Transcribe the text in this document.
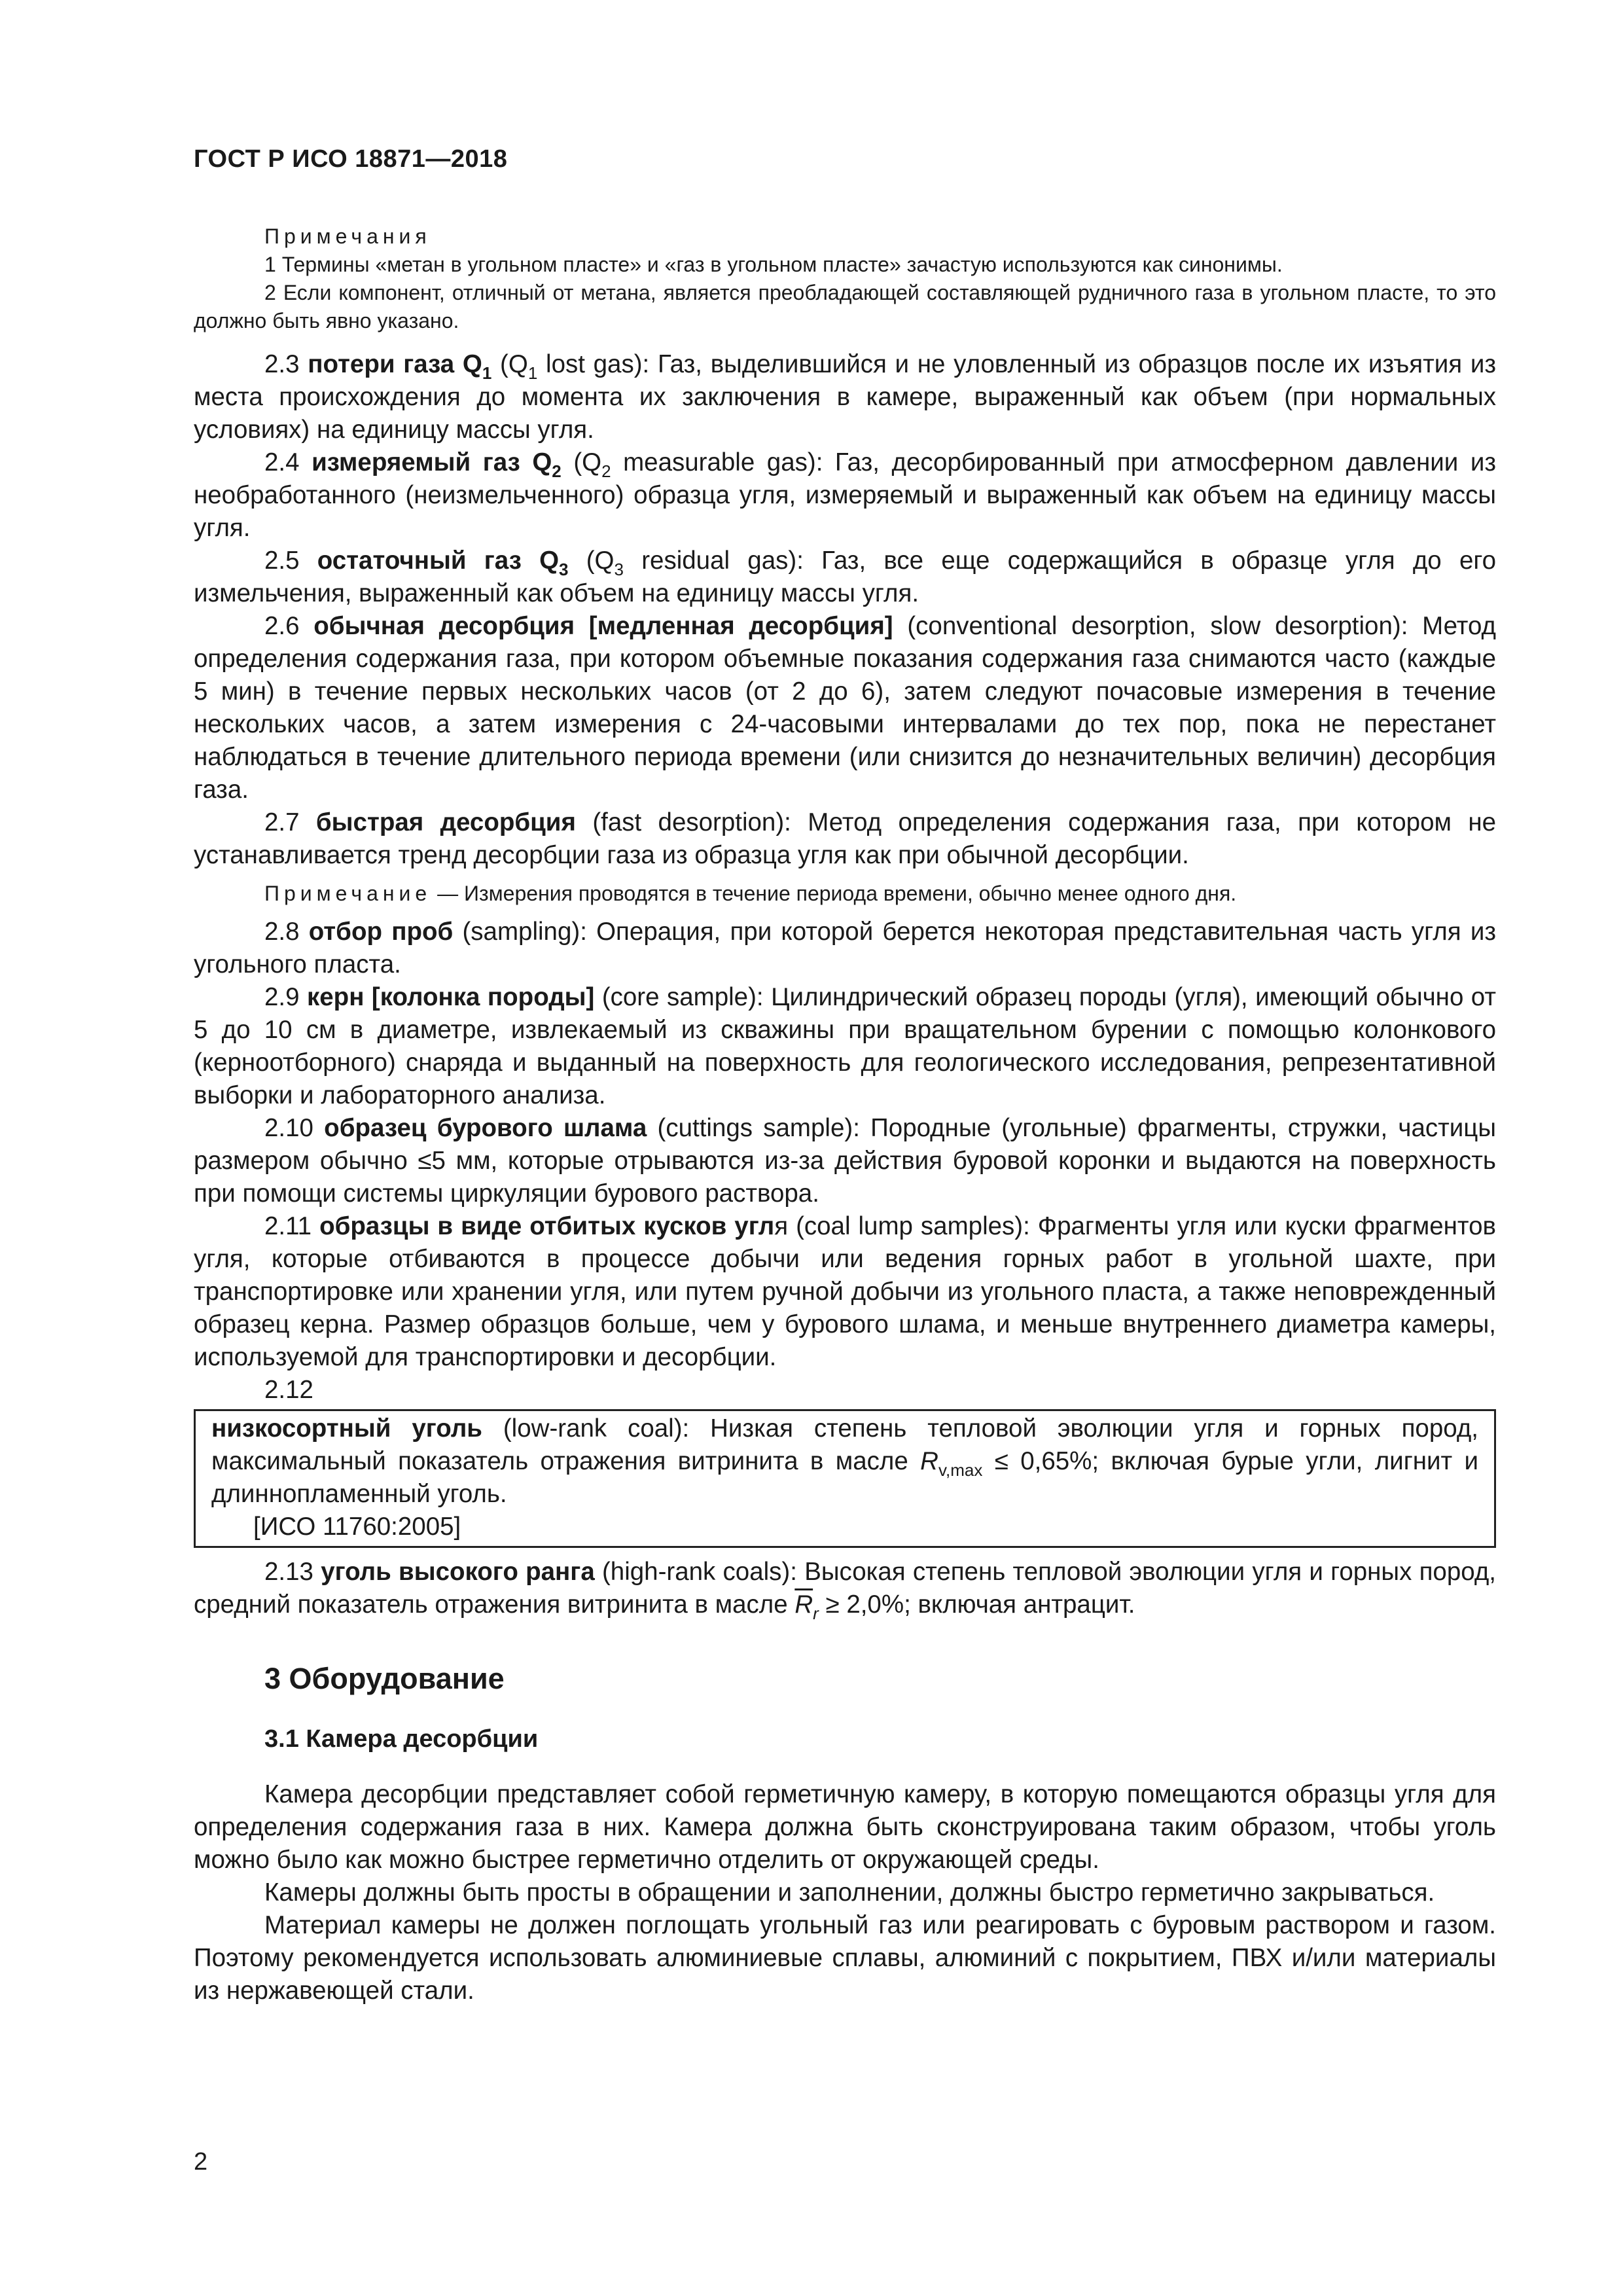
ГОСТ Р ИСО 18871—2018

Примечания

1 Термины «метан в угольном пласте» и «газ в угольном пласте» зачастую используются как синонимы.

2 Если компонент, отличный от метана, является преобладающей составляющей рудничного газа в угольном пласте, то это должно быть явно указано.

2.3 потери газа $Q_1$ ($Q_1$ lost gas): Газ, выделившийся и не уловленный из образцов после их изъятия из места происхождения до момента их заключения в камере, выраженный как объем (при нормальных условиях) на единицу массы угля.

2.4 измеряемый газ $Q_2$ ($Q_2$ measurable gas): Газ, десорбированный при атмосферном давлении из необработанного (неизмельченного) образца угля, измеряемый и выраженный как объем на единицу массы угля.

2.5 остаточный газ $Q_3$ ($Q_3$ residual gas): Газ, все еще содержащийся в образце угля до его измельчения, выраженный как объем на единицу массы угля.

2.6 обычная десорбция [медленная десорбция] (conventional desorption, slow desorption): Метод определения содержания газа, при котором объемные показания содержания газа снимаются часто (каждые 5 мин) в течение первых нескольких часов (от 2 до 6), затем следуют почасовые измерения в течение нескольких часов, а затем измерения с 24-часовыми интервалами до тех пор, пока не перестанет наблюдаться в течение длительного периода времени (или снизится до незначительных величин) десорбция газа.

2.7 быстрая десорбция (fast desorption): Метод определения содержания газа, при котором не устанавливается тренд десорбции газа из образца угля как при обычной десорбции.

Примечание — Измерения проводятся в течение периода времени, обычно менее одного дня.

2.8 отбор проб (sampling): Операция, при которой берется некоторая представительная часть угля из угольного пласта.

2.9 керн [колонка породы] (core sample): Цилиндрический образец породы (угля), имеющий обычно от 5 до 10 см в диаметре, извлекаемый из скважины при вращательном бурении с помощью колонкового (керноотборного) снаряда и выданный на поверхность для геологического исследования, репрезентативной выборки и лабораторного анализа.

2.10 образец бурового шлама (cuttings sample): Породные (угольные) фрагменты, стружки, частицы размером обычно ≤5 мм, которые отрываются из-за действия буровой коронки и выдаются на поверхность при помощи системы циркуляции бурового раствора.

2.11 образцы в виде отбитых кусков угля (coal lump samples): Фрагменты угля или куски фрагментов угля, которые отбиваются в процессе добычи или ведения горных работ в угольной шахте, при транспортировке или хранении угля, или путем ручной добычи из угольного пласта, а также неповрежденный образец керна. Размер образцов больше, чем у бурового шлама, и меньше внутреннего диаметра камеры, используемой для транспортировки и десорбции.

2.12

низкосортный уголь (low-rank coal): Низкая степень тепловой эволюции угля и горных пород, максимальный показатель отражения витринита в масле $R_{v,max} \le 0,65\%$; включая бурые угли, лигнит и длиннопламенный уголь.

[ИСО 11760:2005]

2.13 уголь высокого ранга (high-rank coals): Высокая степень тепловой эволюции угля и горных пород, средний показатель отражения витринита в масле $\overline{R}_r \ge 2,0\%$; включая антрацит.

3 Оборудование
3.1 Камера десорбции

Камера десорбции представляет собой герметичную камеру, в которую помещаются образцы угля для определения содержания газа в них. Камера должна быть сконструирована таким образом, чтобы уголь можно было как можно быстрее герметично отделить от окружающей среды.

Камеры должны быть просты в обращении и заполнении, должны быстро герметично закрываться.

Материал камеры не должен поглощать угольный газ или реагировать с буровым раствором и газом. Поэтому рекомендуется использовать алюминиевые сплавы, алюминий с покрытием, ПВХ и/или материалы из нержавеющей стали.

2
